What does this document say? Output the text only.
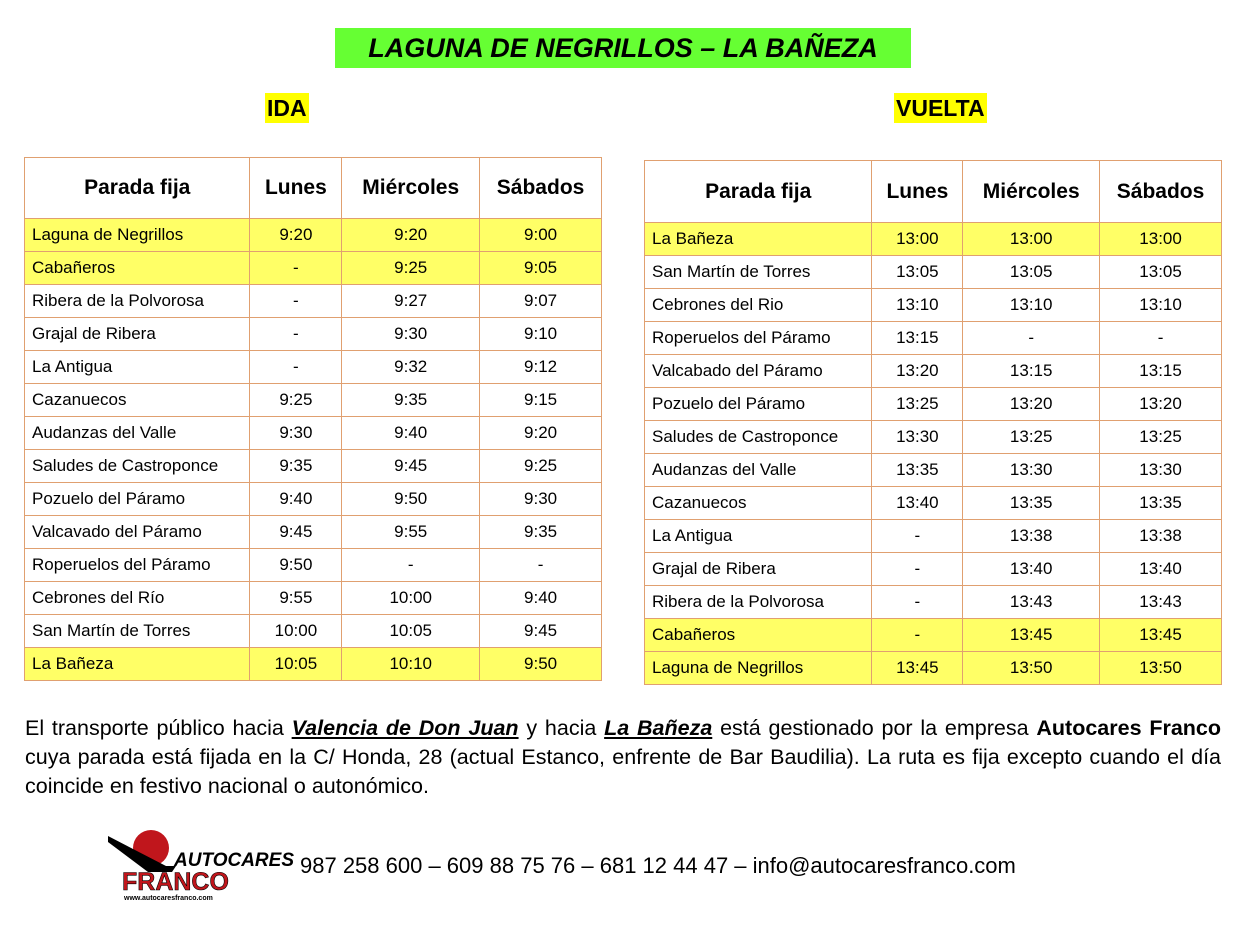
LAGUNA DE NEGRILLOS – LA BAÑEZA
IDA	VUELTA
Parada fija	Lunes	Miércoles	Sábados
Laguna de Negrillos	9:20	9:20	9:00
Cabañeros	-	9:25	9:05
Ribera de la Polvorosa	-	9:27	9:07
Grajal de Ribera	-	9:30	9:10
La Antigua	-	9:32	9:12
Cazanuecos	9:25	9:35	9:15
Audanzas del Valle	9:30	9:40	9:20
Saludes de Castroponce	9:35	9:45	9:25
Pozuelo del Páramo	9:40	9:50	9:30
Valcavado del Páramo	9:45	9:55	9:35
Roperuelos del Páramo	9:50	-	-
Cebrones del Río	9:55	10:00	9:40
San Martín de Torres	10:00	10:05	9:45
La Bañeza	10:05	10:10	9:50
Parada fija	Lunes	Miércoles	Sábados
La Bañeza	13:00	13:00	13:00
San Martín de Torres	13:05	13:05	13:05
Cebrones del Rio	13:10	13:10	13:10
Roperuelos del Páramo	13:15	-	-
Valcabado del Páramo	13:20	13:15	13:15
Pozuelo del Páramo	13:25	13:20	13:20
Saludes de Castroponce	13:30	13:25	13:25
Audanzas del Valle	13:35	13:30	13:30
Cazanuecos	13:40	13:35	13:35
La Antigua	-	13:38	13:38
Grajal de Ribera	-	13:40	13:40
Ribera de la Polvorosa	-	13:43	13:43
Cabañeros	-	13:45	13:45
Laguna de Negrillos	13:45	13:50	13:50
El transporte público hacia Valencia de Don Juan y hacia La Bañeza está gestionado por la empresa Autocares Franco cuya parada está fijada en la C/ Honda, 28 (actual Estanco, enfrente de Bar Baudilia). La ruta es fija excepto cuando el día coincide en festivo nacional o autonómico.
AUTOCARES
FRANCO
www.autocaresfranco.com
987 258 600 – 609 88 75 76 – 681 12 44 47 – info@autocaresfranco.com
